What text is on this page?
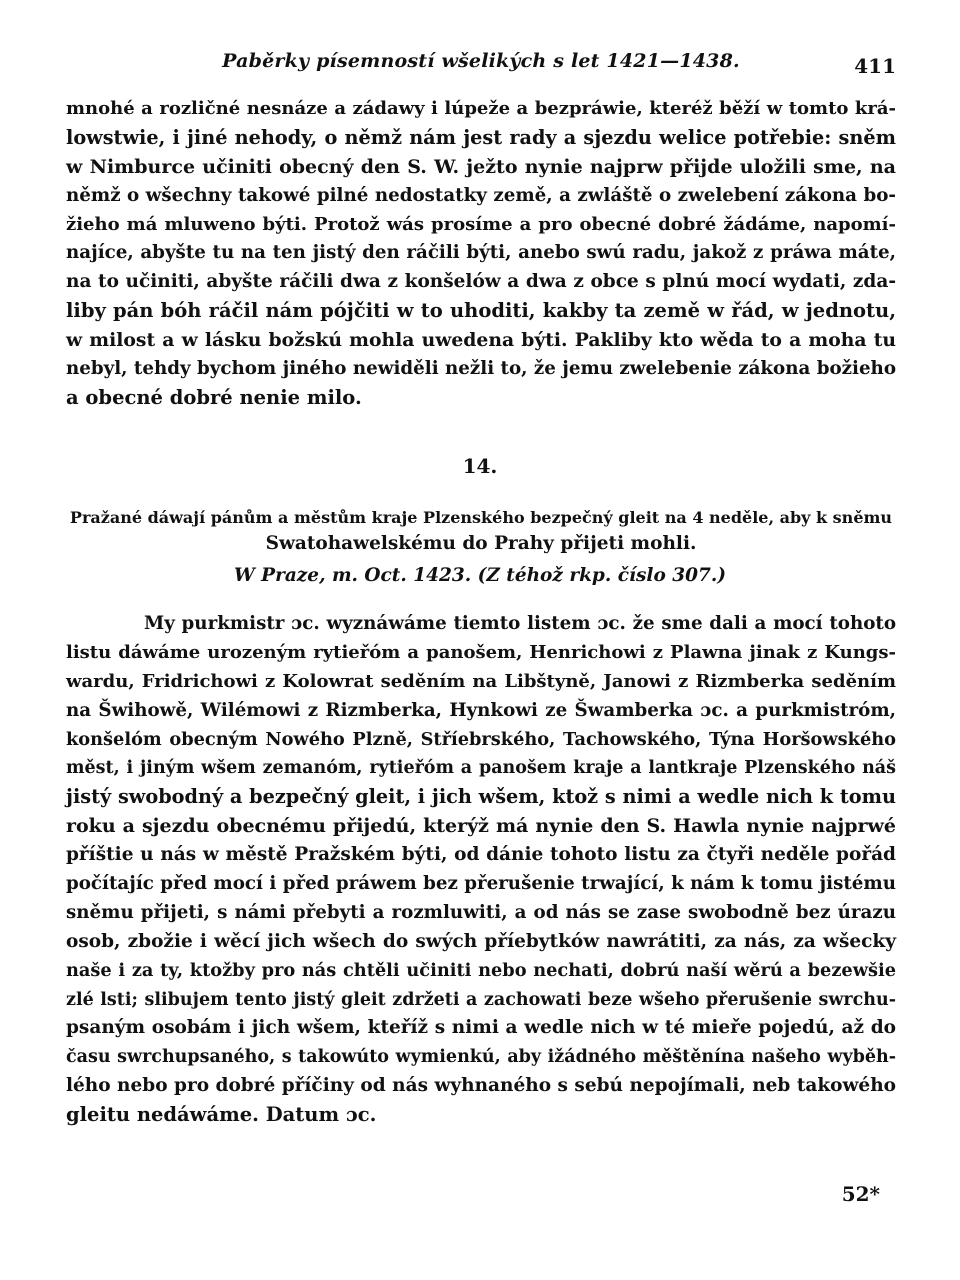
Paběrky písemností wšelikých s let 1421—1438.	411
mnohé a rozličné nesnáze a zádawy i lúpeže a bezpráwie, kteréž běží w tomto krá-
lowstwie, i jiné nehody, o němž nám jest rady a sjezdu welice potřebie: sněm
w Nimburce učiniti obecný den S. W. ježto nynie najprw přijde uložili sme, na
němž o wšechny takowé pilné nedostatky země, a zwláště o zwelebení zákona bo-
žieho má mluweno býti. Protož wás prosíme a pro obecné dobré žádáme, napomí-
najíce, abyšte tu na ten jistý den ráčili býti, anebo swú radu, jakož z práwa máte,
na to učiniti, abyšte ráčili dwa z konšelów a dwa z obce s plnú mocí wydati, zda-
liby pán bóh ráčil nám pójčiti w to uhoditi, kakby ta země w řád, w jednotu,
w milost a w lásku božskú mohla uwedena býti. Pakliby kto wěda to a moha tu
nebyl, tehdy bychom jiného newiděli nežli to, že jemu zwelebenie zákona božieho
a obecné dobré nenie milo.
14.
Pražané dáwají pánům a městům kraje Plzenského bezpečný gleit na 4 neděle, aby k sněmu
Swatohawelskému do Prahy přijeti mohli.
W Praze, m. Oct. 1423. (Z téhož rkp. číslo 307.)
My purkmistr ɔc. wyznáwáme tiemto listem ɔc. že sme dali a mocí tohoto
listu dáwáme urozeným rytieřóm a panošem, Henrichowi z Plawna jinak z Kungs-
wardu, Fridrichowi z Kolowrat seděním na Libštyně, Janowi z Rizmberka seděním
na Šwihowě, Wilémowi z Rizmberka, Hynkowi ze Šwamberka ɔc. a purkmistróm,
konšelóm obecným Nowého Plzně, Stříebrského, Tachowského, Týna Horšowského
měst, i jiným wšem zemanóm, rytieřóm a panošem kraje a lantkraje Plzenského náš
jistý swobodný a bezpečný gleit, i jich wšem, ktož s nimi a wedle nich k tomu
roku a sjezdu obecnému přijedú, kterýž má nynie den S. Hawla nynie najprwé
příštie u nás w městě Pražském býti, od dánie tohoto listu za čtyři neděle pořád
počítajíc před mocí i před práwem bez přerušenie trwající, k nám k tomu jistému
sněmu přijeti, s námi přebyti a rozmluwiti, a od nás se zase swobodně bez úrazu
osob, zbožie i wěcí jich wšech do swých příebytków nawrátiti, za nás, za wšecky
naše i za ty, ktožby pro nás chtěli učiniti nebo nechati, dobrú naší wěrú a bezewšie
zlé lsti; slibujem tento jistý gleit zdržeti a zachowati beze wšeho přerušenie swrchu-
psaným osobám i jich wšem, kteříž s nimi a wedle nich w té mieře pojedú, až do
času swrchupsaného, s takowúto wymienkú, aby ižádného měštěnína našeho wyběh-
lého nebo pro dobré příčiny od nás wyhnaného s sebú nepojímali, neb takowého
gleitu nedáwáme. Datum ɔc.
52*
